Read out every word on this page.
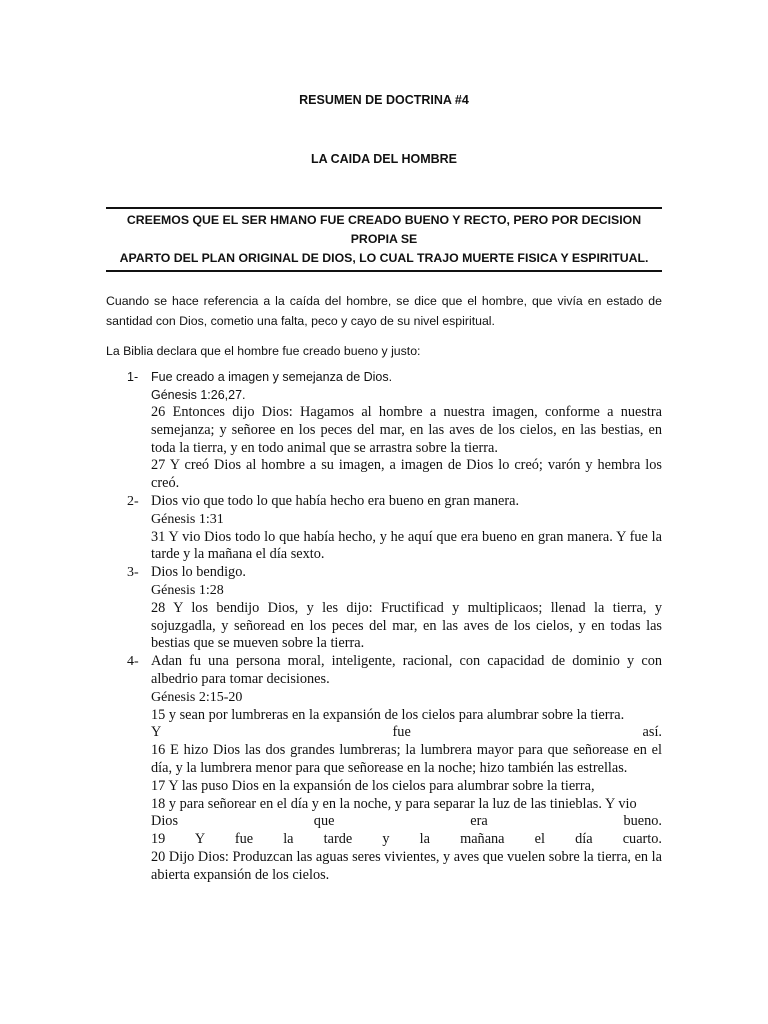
RESUMEN DE DOCTRINA #4
LA CAIDA DEL HOMBRE
CREEMOS QUE EL SER HMANO FUE CREADO BUENO Y RECTO, PERO POR DECISION PROPIA SE
APARTO DEL PLAN ORIGINAL DE DIOS, LO CUAL TRAJO MUERTE FISICA Y ESPIRITUAL.
Cuando se hace referencia a la caída del hombre, se dice que el hombre, que vivía en estado de santidad con Dios, cometio una falta, peco y cayo de su nivel espiritual.
La Biblia declara que el hombre fue creado bueno y justo:
1- Fue creado a imagen y semejanza de Dios.
Génesis 1:26,27.
26 Entonces dijo Dios: Hagamos al hombre a nuestra imagen, conforme a nuestra semejanza; y señoree en los peces del mar, en las aves de los cielos, en las bestias, en toda la tierra, y en todo animal que se arrastra sobre la tierra.
27 Y creó Dios al hombre a su imagen, a imagen de Dios lo creó; varón y hembra los creó.
2- Dios vio que todo lo que había hecho era bueno en gran manera.
Génesis 1:31
31 Y vio Dios todo lo que había hecho, y he aquí que era bueno en gran manera. Y fue la tarde y la mañana el día sexto.
3- Dios lo bendigo.
Génesis 1:28
28 Y los bendijo Dios, y les dijo: Fructificad y multiplicaos; llenad la tierra, y sojuzgadla, y señoread en los peces del mar, en las aves de los cielos, y en todas las bestias que se mueven sobre la tierra.
4- Adan fu una persona moral, inteligente, racional, con capacidad de dominio y con albedrio para tomar decisiones.
Génesis 2:15-20
15 y sean por lumbreras en la expansión de los cielos para alumbrar sobre la tierra.
Y fue así.
16 E hizo Dios las dos grandes lumbreras; la lumbrera mayor para que señorease en el día, y la lumbrera menor para que señorease en la noche; hizo también las estrellas.
17 Y las puso Dios en la expansión de los cielos para alumbrar sobre la tierra,
18 y para señorear en el día y en la noche, y para separar la luz de las tinieblas. Y vio
Dios que era bueno.
19 Y fue la tarde y la mañana el día cuarto.
20 Dijo Dios: Produzcan las aguas seres vivientes, y aves que vuelen sobre la tierra, en la abierta expansión de los cielos.
